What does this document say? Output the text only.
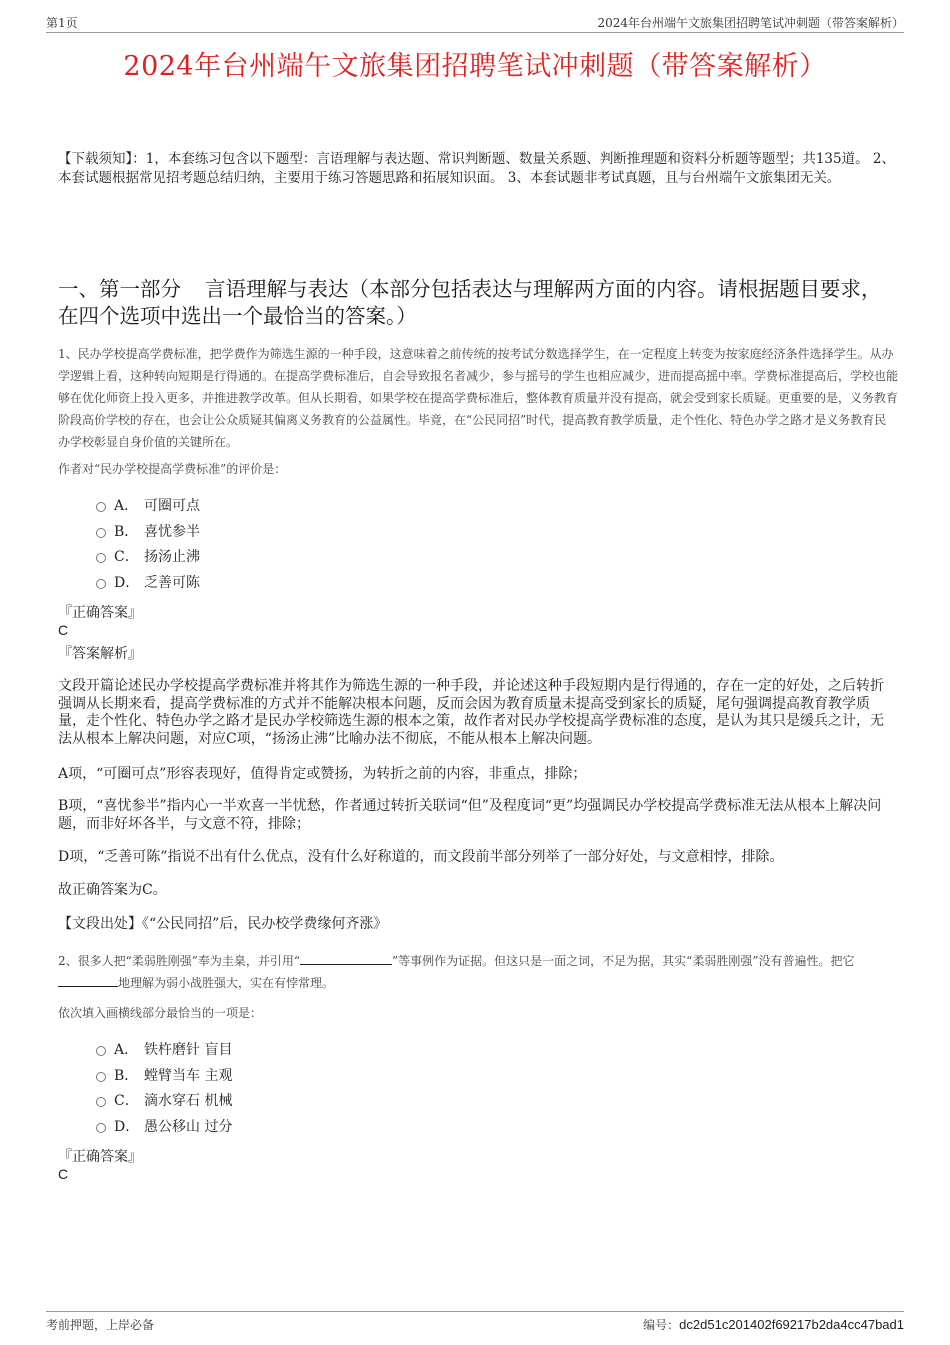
第1页	2024年台州端午文旅集团招聘笔试冲刺题（带答案解析）
2024年台州端午文旅集团招聘笔试冲刺题（带答案解析）
【下载须知】：1，本套练习包含以下题型：言语理解与表达题、常识判断题、数量关系题、判断推理题和资料分析题等题型；共135道。 2、本套试题根据常见招考题总结归纳，主要用于练习答题思路和拓展知识面。 3、本套试题非考试真题，且与台州端午文旅集团无关。
一、第一部分 言语理解与表达（本部分包括表达与理解两方面的内容。请根据题目要求，在四个选项中选出一个最恰当的答案。）
1、民办学校提高学费标准，把学费作为筛选生源的一种手段，这意味着之前传统的按考试分数选择学生，在一定程度上转变为按家庭经济条件选择学生。从办学逻辑上看，这种转向短期是行得通的。在提高学费标准后，自会导致报名者减少，参与摇号的学生也相应减少，进而提高摇中率。学费标准提高后，学校也能够在优化师资上投入更多，并推进教学改革。但从长期看，如果学校在提高学费标准后，整体教育质量并没有提高，就会受到家长质疑。更重要的是，义务教育阶段高价学校的存在，也会让公众质疑其偏离义务教育的公益属性。毕竟，在“公民同招”时代，提高教育教学质量，走个性化、特色办学之路才是义务教育民办学校彰显自身价值的关键所在。
作者对“民办学校提高学费标准”的评价是：
A． 可圈可点
B． 喜忧参半
C． 扬汤止沸
D． 乏善可陈
『正确答案』
C
『答案解析』
文段开篇论述民办学校提高学费标准并将其作为筛选生源的一种手段，并论述这种手段短期内是行得通的，存在一定的好处，之后转折强调从长期来看，提高学费标准的方式并不能解决根本问题，反而会因为教育质量未提高受到家长的质疑，尾句强调提高教育教学质量，走个性化、特色办学之路才是民办学校筛选生源的根本之策，故作者对民办学校提高学费标准的态度，是认为其只是缓兵之计，无法从根本上解决问题，对应C项，“扬汤止沸”比喻办法不彻底，不能从根本上解决问题。
A项，“可圈可点”形容表现好，值得肯定或赞扬，为转折之前的内容，非重点，排除；
B项，“喜忧参半”指内心一半欢喜一半忧愁，作者通过转折关联词“但”及程度词“更”均强调民办学校提高学费标准无法从根本上解决问题，而非好坏各半，与文意不符，排除；
D项，“乏善可陈”指说不出有什么优点，没有什么好称道的，而文段前半部分列举了一部分好处，与文意相悖，排除。
故正确答案为C。
【文段出处】《“公民同招”后，民办校学费缘何齐涨》
2、很多人把“柔弱胜刚强”奉为圭臬，并引用“	”等事例作为证据。但这只是一面之词，不足为据，其实“柔弱胜刚强”没有普遍性。把它地理解为弱小战胜强大，实在有悖常理。
依次填入画横线部分最恰当的一项是：
A． 铁杵磨针 盲目
B． 螳臂当车 主观
C． 滴水穿石 机械
D． 愚公移山 过分
『正确答案』
C
考前押题，上岸必备	编号：dc2d51c201402f69217b2da4cc47bad1
